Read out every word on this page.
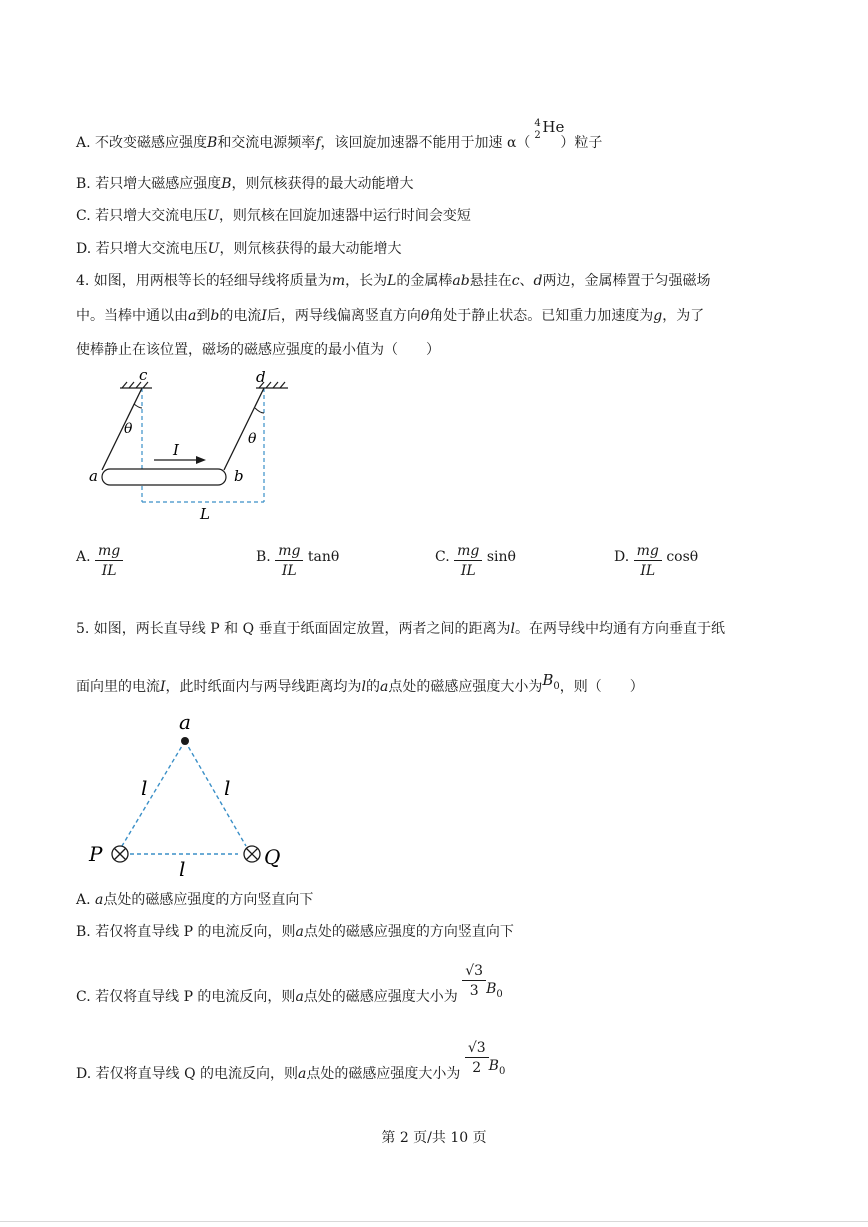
A. 不改变磁感应强度B和交流电源频率f，该回旋加速器不能用于加速 α（
4
2 He
）粒子
B. 若只增大磁感应强度B，则氘核获得的最大动能增大
C. 若只增大交流电压U，则氘核在回旋加速器中运行时间会变短
D. 若只增大交流电压U，则氘核获得的最大动能增大
4. 如图，用两根等长的轻细导线将质量为m，长为L的金属棒ab悬挂在c、d两边，金属棒置于匀强磁场
中。当棒中通以由a到b的电流I后，两导线偏离竖直方向θ角处于静止状态。已知重力加速度为g，为了
使棒静止在该位置，磁场的磁感应强度的最小值为（　　）
c	d
θ
θ
I
a	b
L
A. $\frac{mg}{IL}$	B. $\frac{mg}{IL}$ tanθ	C. $\frac{mg}{IL}$ sinθ	D. $\frac{mg}{IL}$ cosθ
5. 如图，两长直导线 P 和 Q 垂直于纸面固定放置，两者之间的距离为l。在两导线中均通有方向垂直于纸
面向里的电流I，此时纸面内与两导线距离均为l的a点处的磁感应强度大小为$B_0$，则（　　）
a
l	l
l
P	Q
A. a点处的磁感应强度的方向竖直向下
B. 若仅将直导线 P 的电流反向，则a点处的磁感应强度的方向竖直向下
C. 若仅将直导线 P 的电流反向，则a点处的磁感应强度大小为 $\frac{√3}{3} B_0$
D. 若仅将直导线 Q 的电流反向，则a点处的磁感应强度大小为 $\frac{√3}{2} B_0$
第 2 页/共 10 页
